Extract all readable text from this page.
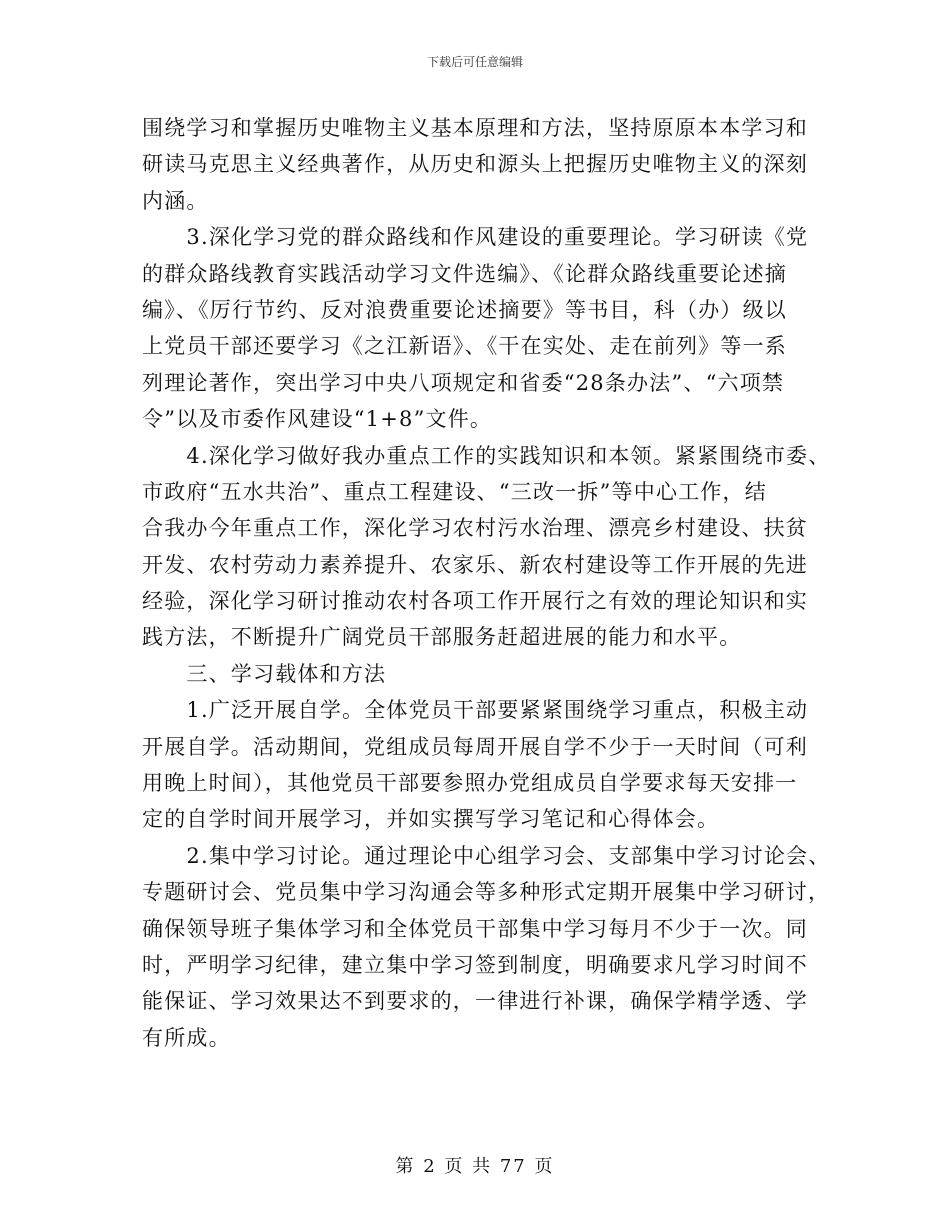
下载后可任意编辑
围绕学习和掌握历史唯物主义基本原理和方法，坚持原原本本学习和
研读马克思主义经典著作，从历史和源头上把握历史唯物主义的深刻
内涵。
　　3.深化学习党的群众路线和作风建设的重要理论。学习研读《党
的群众路线教育实践活动学习文件选编》、《论群众路线重要论述摘
编》、《厉行节约、反对浪费重要论述摘要》等书目，科（办）级以
上党员干部还要学习《之江新语》、《干在实处、走在前列》等一系
列理论著作，突出学习中央八项规定和省委“28条办法”、“六项禁
令”以及市委作风建设“1+8”文件。
　　4.深化学习做好我办重点工作的实践知识和本领。紧紧围绕市委、
市政府“五水共治”、重点工程建设、“三改一拆”等中心工作，结
合我办今年重点工作，深化学习农村污水治理、漂亮乡村建设、扶贫
开发、农村劳动力素养提升、农家乐、新农村建设等工作开展的先进
经验，深化学习研讨推动农村各项工作开展行之有效的理论知识和实
践方法，不断提升广阔党员干部服务赶超进展的能力和水平。
　　三、学习载体和方法
　　1.广泛开展自学。全体党员干部要紧紧围绕学习重点，积极主动
开展自学。活动期间，党组成员每周开展自学不少于一天时间（可利
用晚上时间），其他党员干部要参照办党组成员自学要求每天安排一
定的自学时间开展学习，并如实撰写学习笔记和心得体会。
　　2.集中学习讨论。通过理论中心组学习会、支部集中学习讨论会、
专题研讨会、党员集中学习沟通会等多种形式定期开展集中学习研讨，
确保领导班子集体学习和全体党员干部集中学习每月不少于一次。同
时，严明学习纪律，建立集中学习签到制度，明确要求凡学习时间不
能保证、学习效果达不到要求的，一律进行补课，确保学精学透、学
有所成。
第 2 页 共 77 页
